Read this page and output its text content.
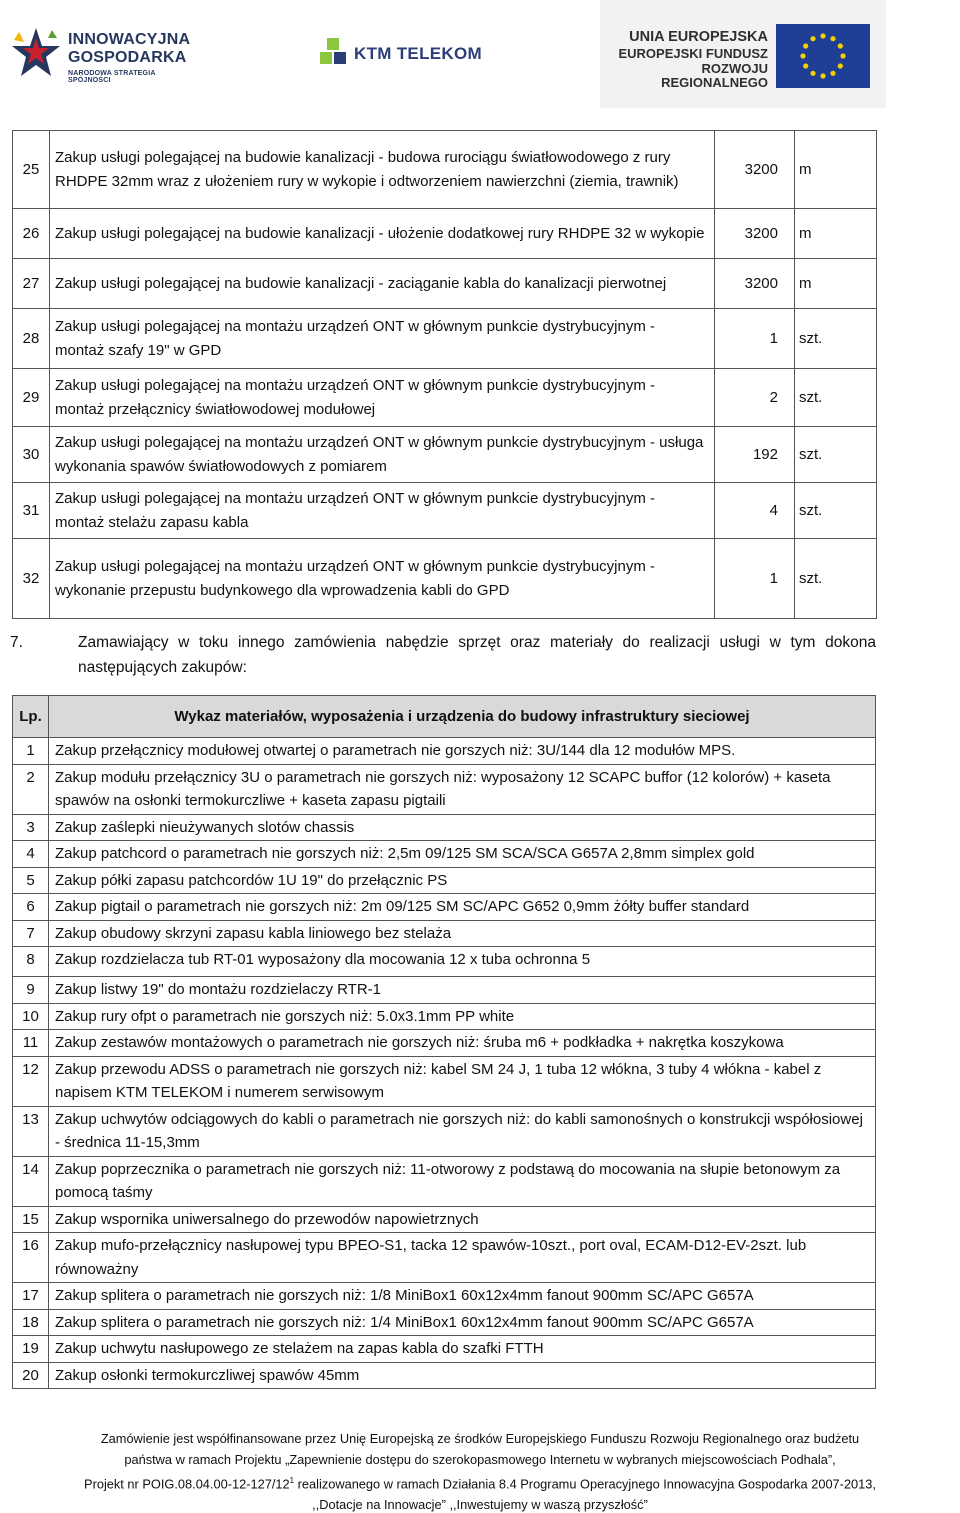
INNOWACYJNA
GOSPODARKA
NARODOWA STRATEGIA SPÓJNOŚCI
KTM TELEKOM
UNIA EUROPEJSKA
EUROPEJSKI FUNDUSZ
ROZWOJU REGIONALNEGO
25	Zakup usługi polegającej na budowie kanalizacji - budowa rurociągu światłowodowego z rury RHDPE 32mm wraz z ułożeniem rury w wykopie i odtworzeniem nawierzchni (ziemia, trawnik)	3200	m
26	Zakup usługi polegającej na budowie kanalizacji - ułożenie dodatkowej rury RHDPE 32 w wykopie	3200	m
27	Zakup usługi polegającej na budowie kanalizacji - zaciąganie kabla do kanalizacji pierwotnej	3200	m
28	Zakup usługi polegającej na montażu urządzeń ONT w głównym punkcie dystrybucyjnym - montaż szafy 19" w GPD	1	szt.
29	Zakup usługi polegającej na montażu urządzeń ONT w głównym punkcie dystrybucyjnym - montaż przełącznicy światłowodowej modułowej	2	szt.
30	Zakup usługi polegającej na montażu urządzeń ONT w głównym punkcie dystrybucyjnym - usługa wykonania spawów światłowodowych z pomiarem	192	szt.
31	Zakup usługi polegającej na montażu urządzeń ONT w głównym punkcie dystrybucyjnym - montaż stelażu zapasu kabla	4	szt.
32	Zakup usługi polegającej na montażu urządzeń ONT w głównym punkcie dystrybucyjnym - wykonanie przepustu budynkowego dla wprowadzenia kabli do GPD	1	szt.
7.	Zamawiający w toku innego zamówienia nabędzie sprzęt oraz materiały do realizacji usługi w tym dokona następujących zakupów:
Lp.	Wykaz materiałów, wyposażenia i urządzenia do budowy infrastruktury sieciowej
1	Zakup przełącznicy modułowej otwartej o parametrach nie gorszych niż: 3U/144 dla 12 modułów MPS.
2	Zakup modułu przełącznicy 3U o parametrach nie gorszych niż: wyposażony 12 SCAPC buffor (12 kolorów) + kaseta spawów na osłonki termokurczliwe + kaseta zapasu pigtaili
3	Zakup zaślepki nieużywanych slotów chassis
4	Zakup patchcord o parametrach nie gorszych niż: 2,5m 09/125 SM SCA/SCA G657A 2,8mm simplex gold
5	Zakup półki zapasu patchcordów 1U 19" do przełącznic PS
6	Zakup pigtail o parametrach nie gorszych niż: 2m 09/125 SM SC/APC G652 0,9mm żółty buffer standard
7	Zakup obudowy skrzyni zapasu kabla liniowego bez stelaża
8	Zakup rozdzielacza tub RT-01 wyposażony dla mocowania 12 x tuba ochronna 5
9	Zakup listwy 19" do montażu rozdzielaczy RTR-1
10	Zakup rury ofpt o parametrach nie gorszych niż: 5.0x3.1mm PP white
11	Zakup zestawów montażowych o parametrach nie gorszych niż: śruba m6 + podkładka + nakrętka koszykowa
12	Zakup przewodu ADSS o parametrach nie gorszych niż: kabel SM 24 J, 1 tuba 12 włókna, 3 tuby 4 włókna - kabel z napisem KTM TELEKOM i numerem serwisowym
13	Zakup uchwytów odciągowych do kabli o parametrach nie gorszych niż: do kabli samonośnych o konstrukcji współosiowej - średnica 11-15,3mm
14	Zakup poprzecznika o parametrach nie gorszych niż: 11-otworowy z podstawą do mocowania na słupie betonowym za pomocą taśmy
15	Zakup wspornika uniwersalnego do przewodów napowietrznych
16	Zakup mufo-przełącznicy nasłupowej typu BPEO-S1, tacka 12 spawów-10szt., port oval, ECAM-D12-EV-2szt. lub równoważny
17	Zakup splitera o parametrach nie gorszych niż: 1/8 MiniBox1 60x12x4mm fanout 900mm SC/APC G657A
18	Zakup splitera o parametrach nie gorszych niż: 1/4 MiniBox1 60x12x4mm fanout 900mm SC/APC G657A
19	Zakup uchwytu nasłupowego ze stelażem na zapas kabla do szafki FTTH
20	Zakup osłonki termokurczliwej spawów 45mm
Zamówienie jest współfinansowane przez Unię Europejską ze środków Europejskiego Funduszu Rozwoju Regionalnego oraz budżetu
państwa w ramach Projektu „Zapewnienie dostępu do szerokopasmowego Internetu w wybranych miejscowościach Podhala”,
Projekt nr $POIG.08.04.00-12-127/12^1$ realizowanego w ramach Działania 8.4 Programu Operacyjnego Innowacyjna Gospodarka 2007-2013,
,,Dotacje na Innowacje” ,,Inwestujemy w waszą przyszłość”
